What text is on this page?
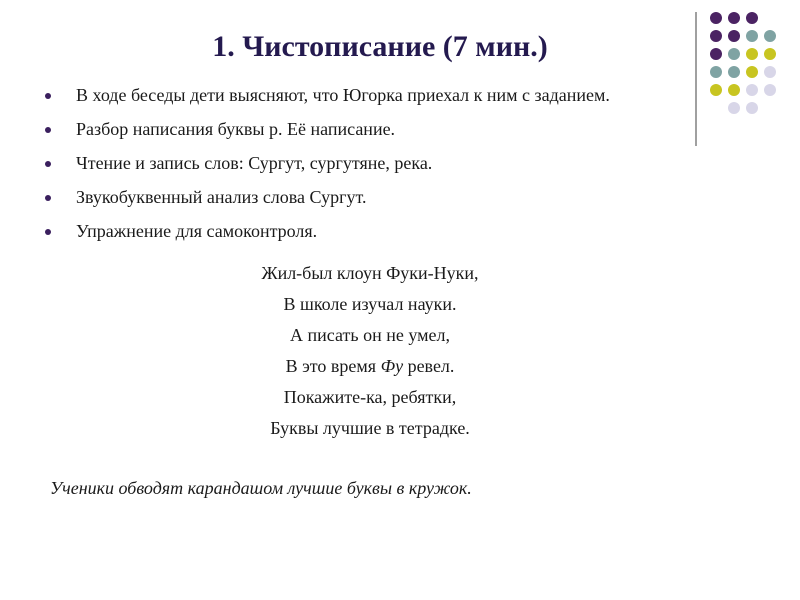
1. Чистописание (7 мин.)
В ходе беседы дети выясняют, что Югорка приехал к ним с заданием.
Разбор написания буквы р. Её написание.
Чтение и запись слов: Сургут, сургутяне, река.
Звукобуквенный анализ слова Сургут.
Упражнение для самоконтроля.
Жил-был клоун Фуки-Нуки,
В школе изучал науки.
А писать он не умел,
В это время Фу ревел.
Покажите-ка, ребятки,
Буквы лучшие в тетрадке.
Ученики обводят карандашом лучшие буквы в кружок.
